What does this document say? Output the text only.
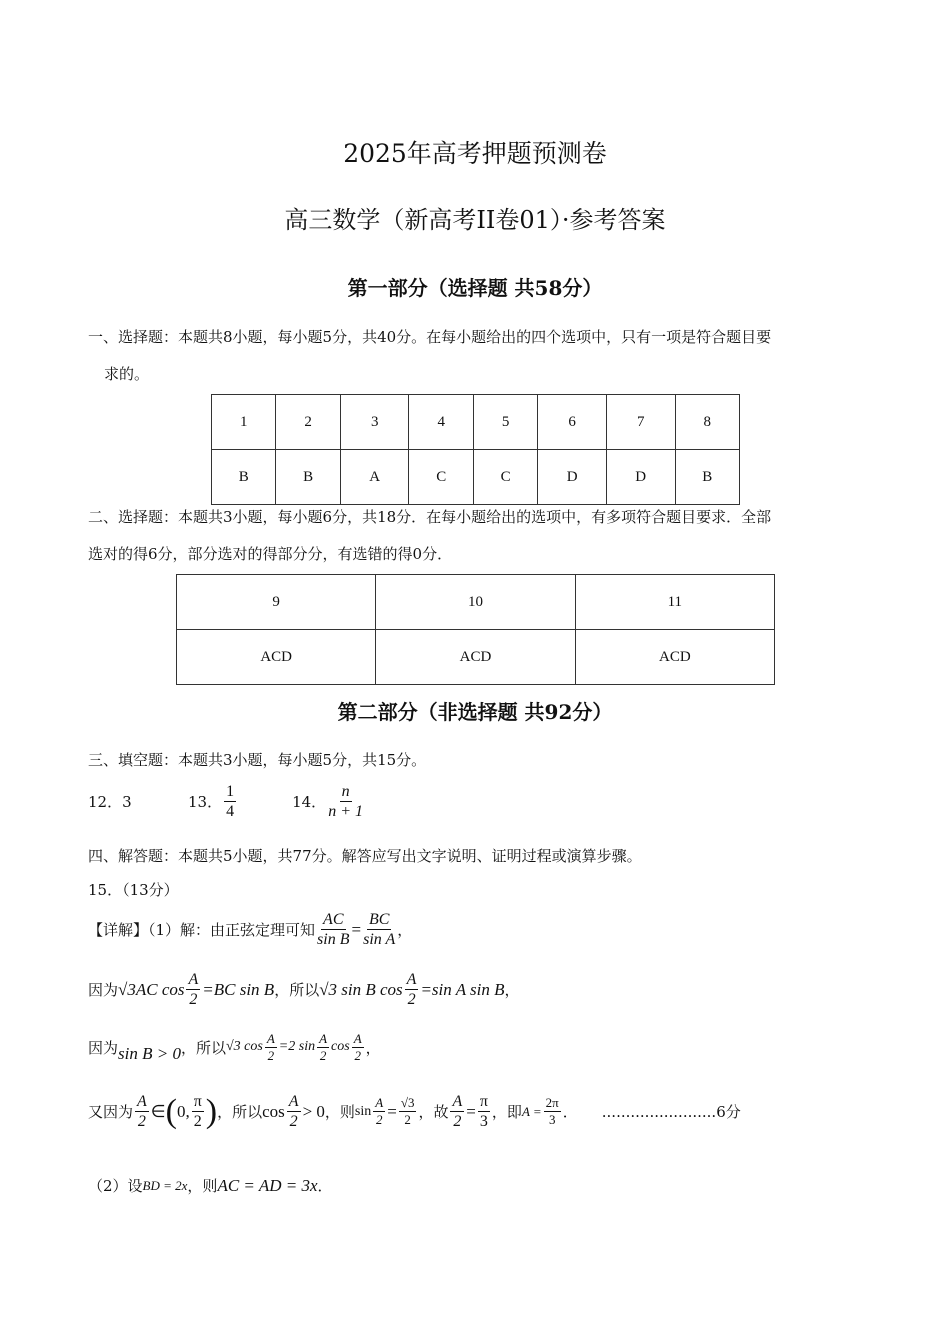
2025年高考押题预测卷
高三数学（新高考II卷01）·参考答案
第一部分（选择题 共58分）
一、选择题：本题共8小题，每小题5分，共40分。在每小题给出的四个选项中，只有一项是符合题目要
求的。
1	2	3	4	5	6	7	8
B	B	A	C	C	D	D	B
二、选择题：本题共3小题，每小题6分，共18分．在每小题给出的选项中，有多项符合题目要求．全部
选对的得6分，部分选对的得部分分，有选错的得0分．
9	10	11
ACD	ACD	ACD
第二部分（非选择题 共92分）
三、填空题：本题共3小题，每小题5分，共15分。
12．3	13． $\frac{1}{4}$	14． $\frac{n}{n + 1}$
四、解答题：本题共5小题，共77分。解答应写出文字说明、证明过程或演算步骤。
15．（13分）
【详解】（1）解：由正弦定理可知 $\frac{AC}{\text{sin B}} = \frac{BC}{\text{sin A}}$ ，
因为 √3AC $\cos \frac{A}{2} =BC$ sin B ，所以 √3 sin B $\cos \frac{A}{2} =\sin$ A sin B ，
因为 sin B > 0 ，所以 √3 $\cos \frac{A}{2} =2$ $\sin \frac{A}{2}$ $\cos \frac{A}{2}$ ，
又因为 $\frac{A}{2}$ ∈ ( 0, $\frac{\pi}{2}$ ) ，所以 $\cos \frac{A}{2} > 0$ ，则 $\sin \frac{A}{2} = \frac{√3}{2}$ ，故 $\frac{A}{2} = \frac{\pi}{3}$ ，即 $A = \frac{2\pi}{3}$ ． ........................6分
（2）设 BD = 2x ，则 AC = AD = 3x ．
